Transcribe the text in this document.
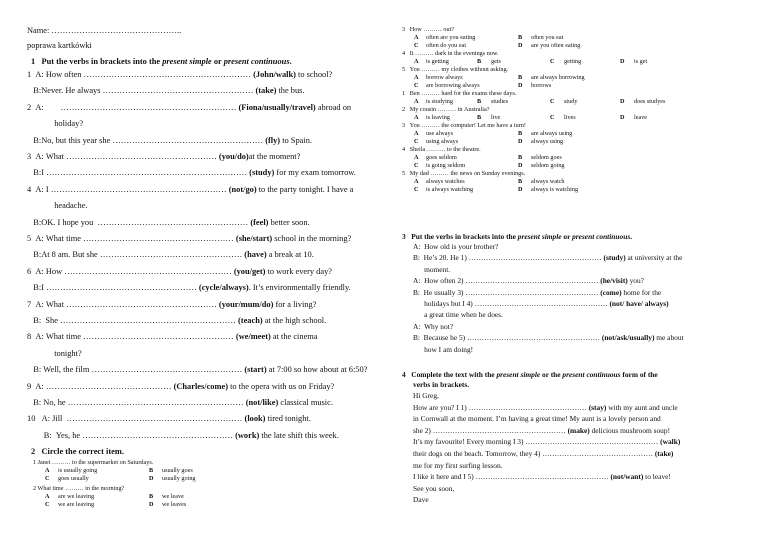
Name: ………………………………………..
poprawa kartkówki
1 Put the verbs in brackets into the present simple or present continuous.
1  A: How often …………………………………………………… (John/walk) to school?
B:Never. He always ……………………………………………… (take) the bus.
2  A:        ……………………………………………………… (Fiona/usually/travel) abroad on
holiday?
B:No, but this year she ……………………………………………… (fly) to Spain.
3  A: What ……………………………………………… (you/do)at the moment?
B:I ……………………………………………………………… (study) for my exam tomorrow.
4  A: I ……………………………………………………… (not/go) to the party tonight. I have a
headache.
B:OK. I hope you  ……………………………………………… (feel) better soon.
5  A: What time ……………………………………………… (she/start) school in the morning?
B:At 8 am. But she …………………………………………… (have) a break at 10.
6  A: How …………………………………………………… (you/get) to work every day?
B:I ……………………………………………… (cycle/always). It’s environmentally friendly.
7  A: What ……………………………………………… (your/mum/do) for a living?
B:  She ……………………………………………………… (teach) at the high school.
8  A: What time ……………………………………………… (we/meet) at the cinema
tonight?
B: Well, the film ……………………………………………… (start) at 7:00 so how about at 6:50?
9  A: ……………………………………… (Charles/come) to the opera with us on Friday?
B: No, he ……………………………………………………… (not/like) classical music.
10   A: Jill  ……………………………………………………… (look) tired tonight.
B:  Yes, he ……………………………………………… (work) the late shift this week.
2 Circle the correct item.
1 Janet ……… to the supermarket on Saturdays.
A is usually going	B usually goes
C goes usually	D usually going
2 What time ……… in the morning?
A are we leaving	B we leave
C we are leaving	D we leaves
3   How ……… out?
A often are you eating	B often you eat
C often do you eat	D are you often eating
4   It ……… dark in the evenings now.
A is getting	B gets	C getting	D is get
5   You ……… my clothes without asking.
A borrow always	B are always borrowing
C are borrowing always	D borrows
1   Ben ……… hard for the exams these days.
A is studying	B studies	C study	D does studyes
2   My cousin ……… in Australia?
A is leaving	B live	C lives	D leave
3   You ……… the computer! Let me have a turn!
A use always	B are always using
C using always	D always using
4   Sheila ……… to the theatre.
A goes seldom	B seldom goes
C is going seldom	D seldom going
5   My dad ……… the news on Sunday evenings.
A always watches	B always watch
C is always watching	D always is watching
3 Put the verbs in brackets into the present simple or present continuous.
A:  How old is your brother?
B:  He’s 20. He 1) ……………………………………………… (study) at university at the
moment.
A:  How often 2) ……………………………………………… (he/visit) you?
B:  He usually 3) ……………………………………………… (come) home for the
holidays but I 4) ……………………………………………… (not/ have/ always)
a great time when he does.
A:  Why not?
B:  Because he 5) ……………………………………………… (not/ask/usually) me about
how I am doing!
4 Complete the text with the present simple or the present continuous form of the
verbs in brackets.
Hi Greg,
How are you? I 1) ………………………………………… (stay) with my aunt and uncle
in Cornwall at the moment. I’m having a great time! My aunt is a lovely person and
she 2) ……………………………………………… (make) delicious mushroom soup!
It’s my favourite! Every morning I 3) ……………………………………………… (walk)
their dogs on the beach. Tomorrow, they 4) ……………………………………… (take)
me for my first surfing lesson.
I like it here and I 5) ……………………………………………… (not/want) to leave!
See you soon,
Dave
